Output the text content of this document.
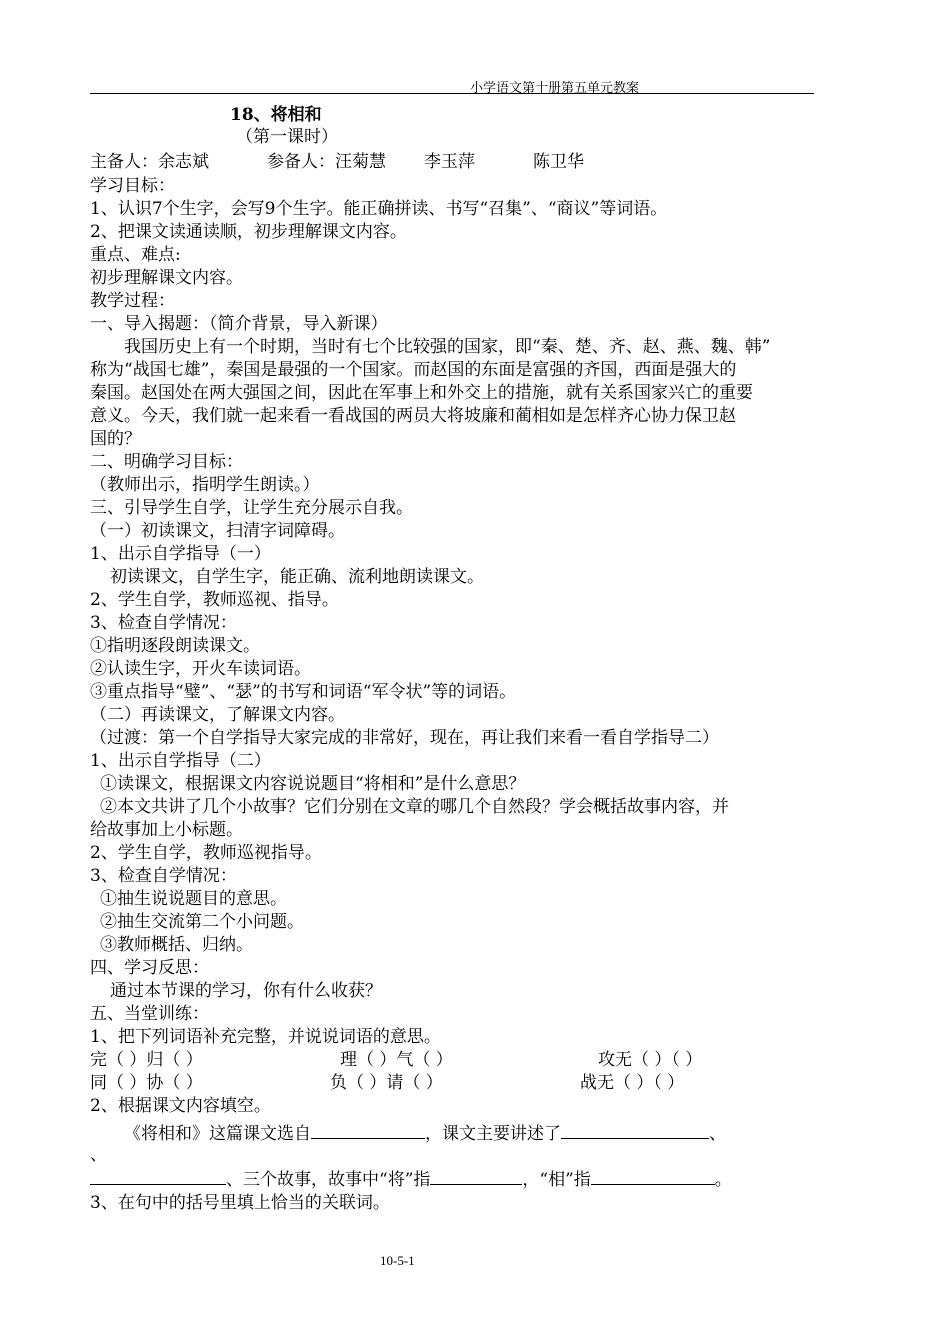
小学语文第十册第五单元教案
18、将相和
（第一课时）
主备人：余志斌	参备人：汪菊慧 李玉萍	陈卫华
学习目标：
1、认识7个生字，会写9个生字。能正确拼读、书写“召集”、“商议”等词语。
2、把课文读通读顺，初步理解课文内容。
重点、难点:
初步理解课文内容。
教学过程：
一、导入揭题：（简介背景，导入新课）
我国历史上有一个时期，当时有七个比较强的国家，即“秦、楚、齐、赵、燕、魏、韩”
称为“战国七雄”，秦国是最强的一个国家。而赵国的东面是富强的齐国，西面是强大的
秦国。赵国处在两大强国之间，因此在军事上和外交上的措施，就有关系国家兴亡的重要
意义。今天，我们就一起来看一看战国的两员大将坡廉和蔺相如是怎样齐心协力保卫赵
国的？
二、明确学习目标：
（教师出示，指明学生朗读。）
三、引导学生自学，让学生充分展示自我。
（一）初读课文，扫清字词障碍。
1、出示自学指导（一）
初读课文，自学生字，能正确、流利地朗读课文。
2、学生自学，教师巡视、指导。
3、检查自学情况：
①指明逐段朗读课文。
②认读生字，开火车读词语。
③重点指导“璧”、“瑟”的书写和词语“军令状”等的词语。
（二）再读课文，了解课文内容。
（过渡：第一个自学指导大家完成的非常好，现在，再让我们来看一看自学指导二）
1、出示自学指导（二）
①读课文，根据课文内容说说题目“将相和”是什么意思？
②本文共讲了几个小故事？它们分别在文章的哪几个自然段？学会概括故事内容，并
给故事加上小标题。
2、学生自学，教师巡视指导。
3、检查自学情况：
①抽生说说题目的意思。
②抽生交流第二个小问题。
③教师概括、归纳。
四、学习反思：
通过本节课的学习，你有什么收获？
五、当堂训练：
1、把下列词语补充完整，并说说词语的意思。
完（ ）归（ ）	理（ ）气（ ）	攻无（ ）（ ）
同（ ）协（ ）	负（ ）请（ ）	战无（ ）（ ）
2、根据课文内容填空。
《将相和》这篇课文选自	，课文主要讲述了	、
、
、三个故事，故事中“将”指	，“相”指	。
3、在句中的括号里填上恰当的关联词。
10-5-1
